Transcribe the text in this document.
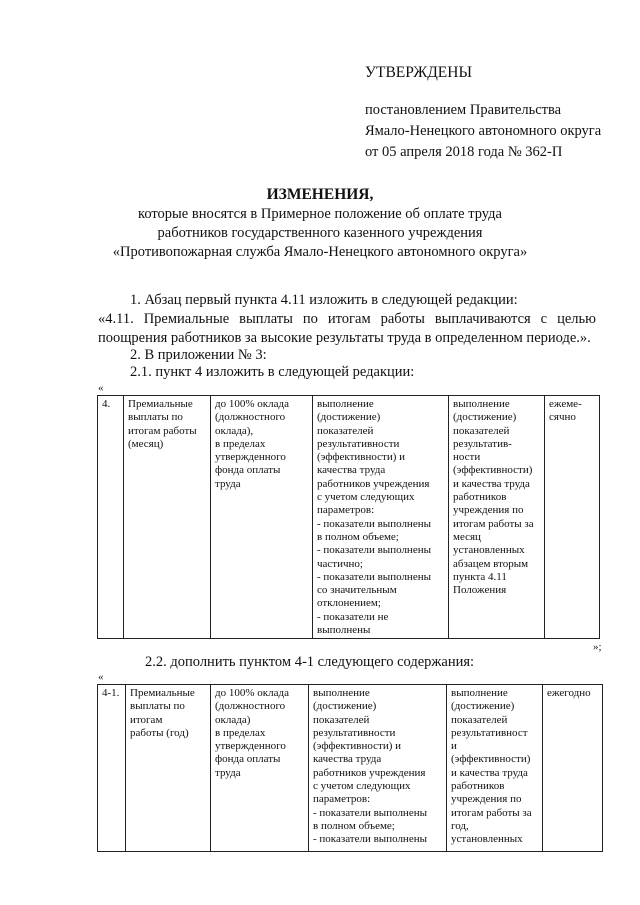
УТВЕРЖДЕНЫ
постановлением Правительства
Ямало-Ненецкого автономного округа
от 05 апреля 2018 года № 362-П
ИЗМЕНЕНИЯ,
которые вносятся в Примерное положение об оплате труда
работников государственного казенного учреждения
«Противопожарная служба Ямало-Ненецкого автономного округа»
1. Абзац первый пункта 4.11 изложить в следующей редакции:
«4.11. Премиальные выплаты по итогам работы выплачиваются с целью
поощрения работников за высокие результаты труда в определенном периоде.».
2. В приложении № 3:
2.1. пункт 4 изложить в следующей редакции:
«
4.	Премиальные
выплаты по
итогам работы
(месяц)

до 100% оклада
(должностного
оклада),
в пределах
утвержденного
фонда оплаты
труда

выполнение
(достижение)
показателей
результативности
(эффективности) и
качества труда
работников учреждения
с учетом следующих
параметров:
- показатели выполнены
в полном объеме;
- показатели выполнены
частично;
- показатели выполнены
со значительным
отклонением;
- показатели не
выполнены

выполнение
(достижение)
показателей
результатив-
ности
(эффективности)
и качества труда
работников
учреждения по
итогам работы за
месяц
установленных
абзацем вторым
пункта 4.11
Положения

ежеме-
сячно
»;
2.2. дополнить пунктом 4-1 следующего содержания:
«
4-1.	Премиальные
выплаты по
итогам
работы (год)

до 100% оклада
(должностного
оклада)
в пределах
утвержденного
фонда оплаты
труда

выполнение
(достижение)
показателей
результативности
(эффективности) и
качества труда
работников учреждения
с учетом следующих
параметров:
- показатели выполнены
в полном объеме;
- показатели выполнены

выполнение
(достижение)
показателей
результативност
и
(эффективности)
и качества труда
работников
учреждения по
итогам работы за
год,
установленных

ежегодно
